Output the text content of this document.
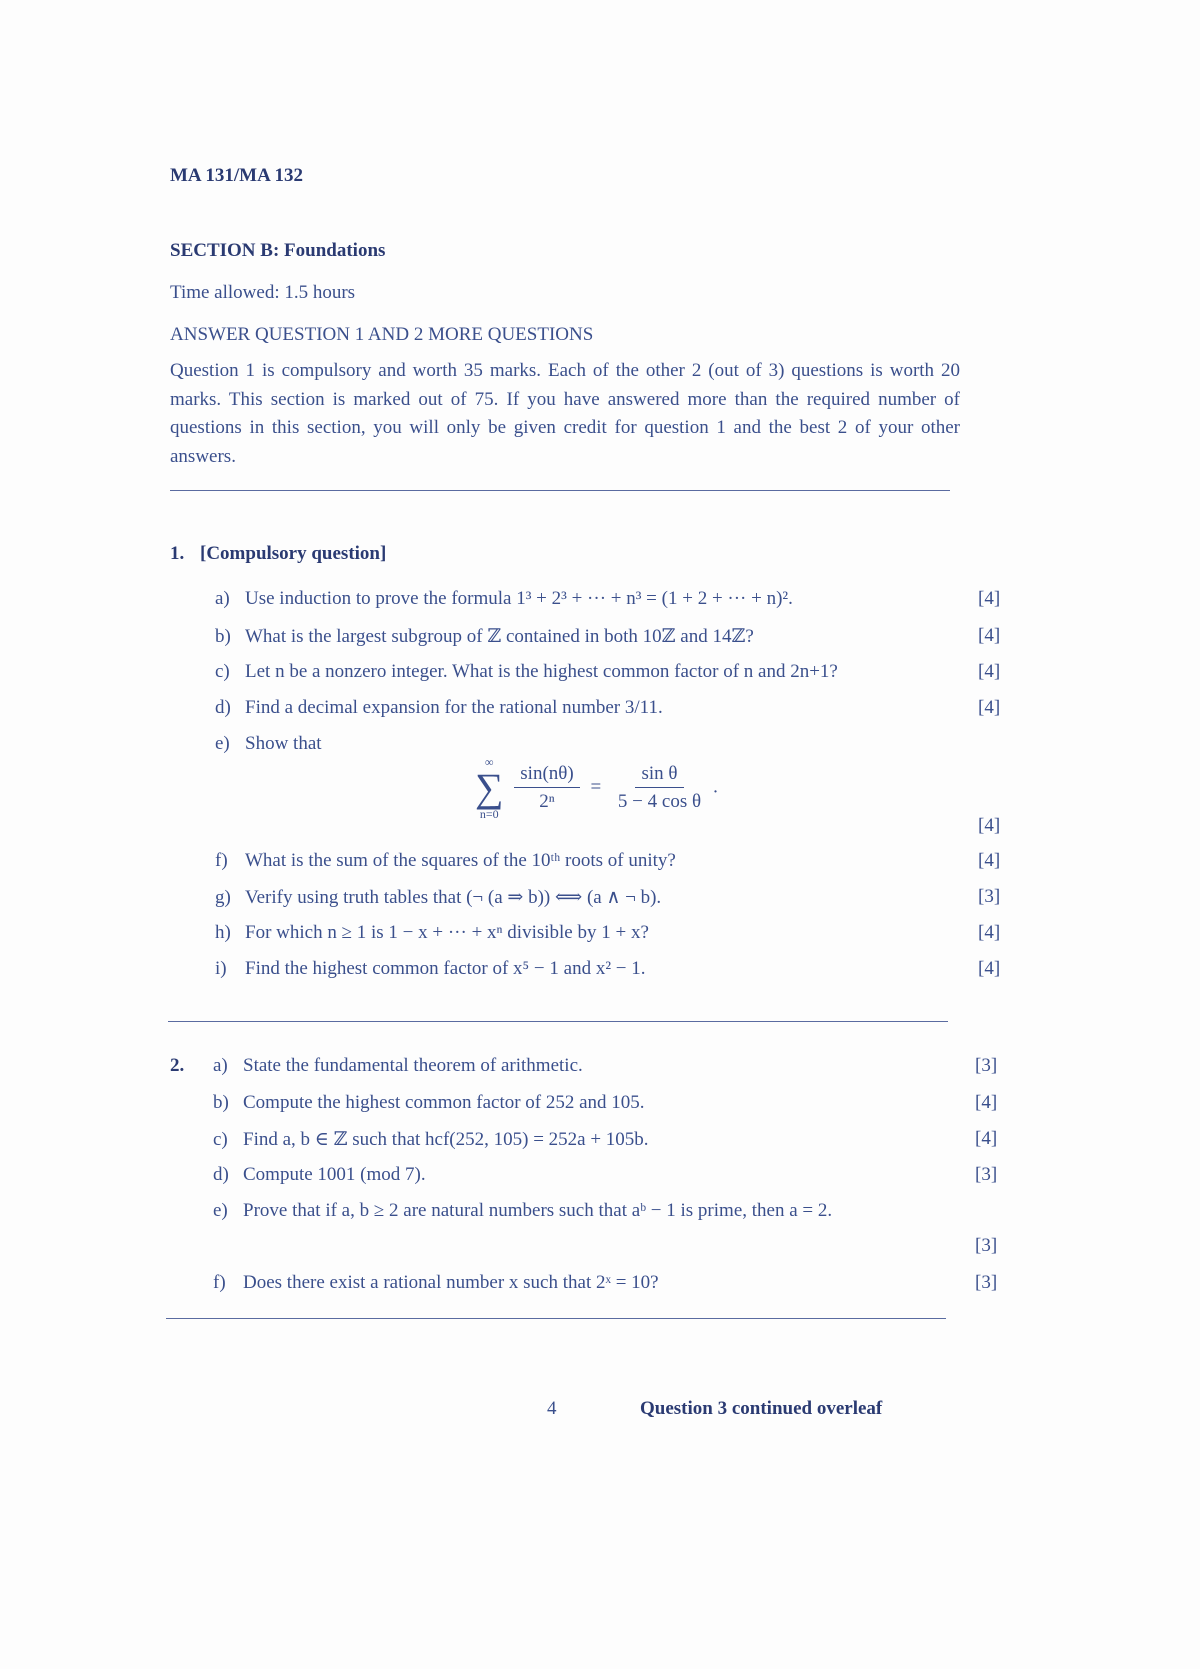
MA 131/MA 132
SECTION B: Foundations
Time allowed: 1.5 hours
ANSWER QUESTION 1 AND 2 MORE QUESTIONS
Question 1 is compulsory and worth 35 marks. Each of the other 2 (out of 3) questions is worth 20 marks. This section is marked out of 75. If you have answered more than the required number of questions in this section, you will only be given credit for question 1 and the best 2 of your other answers.
1. [Compulsory question]
a) Use induction to prove the formula 1³ + 2³ + ··· + n³ = (1 + 2 + ··· + n)².	[4]
b) What is the largest subgroup of ℤ contained in both 10ℤ and 14ℤ?	[4]
c) Let n be a nonzero integer. What is the highest common factor of n and 2n+1?	[4]
d) Find a decimal expansion for the rational number 3/11.	[4]
e) Show that
∞
∑
n=0

$\frac{\sin(n\theta)}{\text{2ⁿ}} = \frac{\text{sin θ}}{\text{5 − 4 cos θ}}$ .
[4]
f) What is the sum of the squares of the 10ᵗʰ roots of unity?	[4]
g) Verify using truth tables that (¬ (a ⇒ b)) ⟺ (a ∧ ¬ b).	[3]
h) For which n ≥ 1 is 1 − x + ··· + xⁿ divisible by 1 + x?	[4]
i) Find the highest common factor of x⁵ − 1 and x² − 1.	[4]
2. a) State the fundamental theorem of arithmetic.	[3]
b) Compute the highest common factor of 252 and 105.	[4]
c) Find a, b ∈ ℤ such that hcf(252, 105) = 252a + 105b.	[4]
d) Compute 1001 (mod 7).	[3]
e) Prove that if a, b ≥ 2 are natural numbers such that aᵇ − 1 is prime, then a = 2.
[3]
f) Does there exist a rational number x such that 2ˣ = 10?	[3]
4	Question 3 continued overleaf
